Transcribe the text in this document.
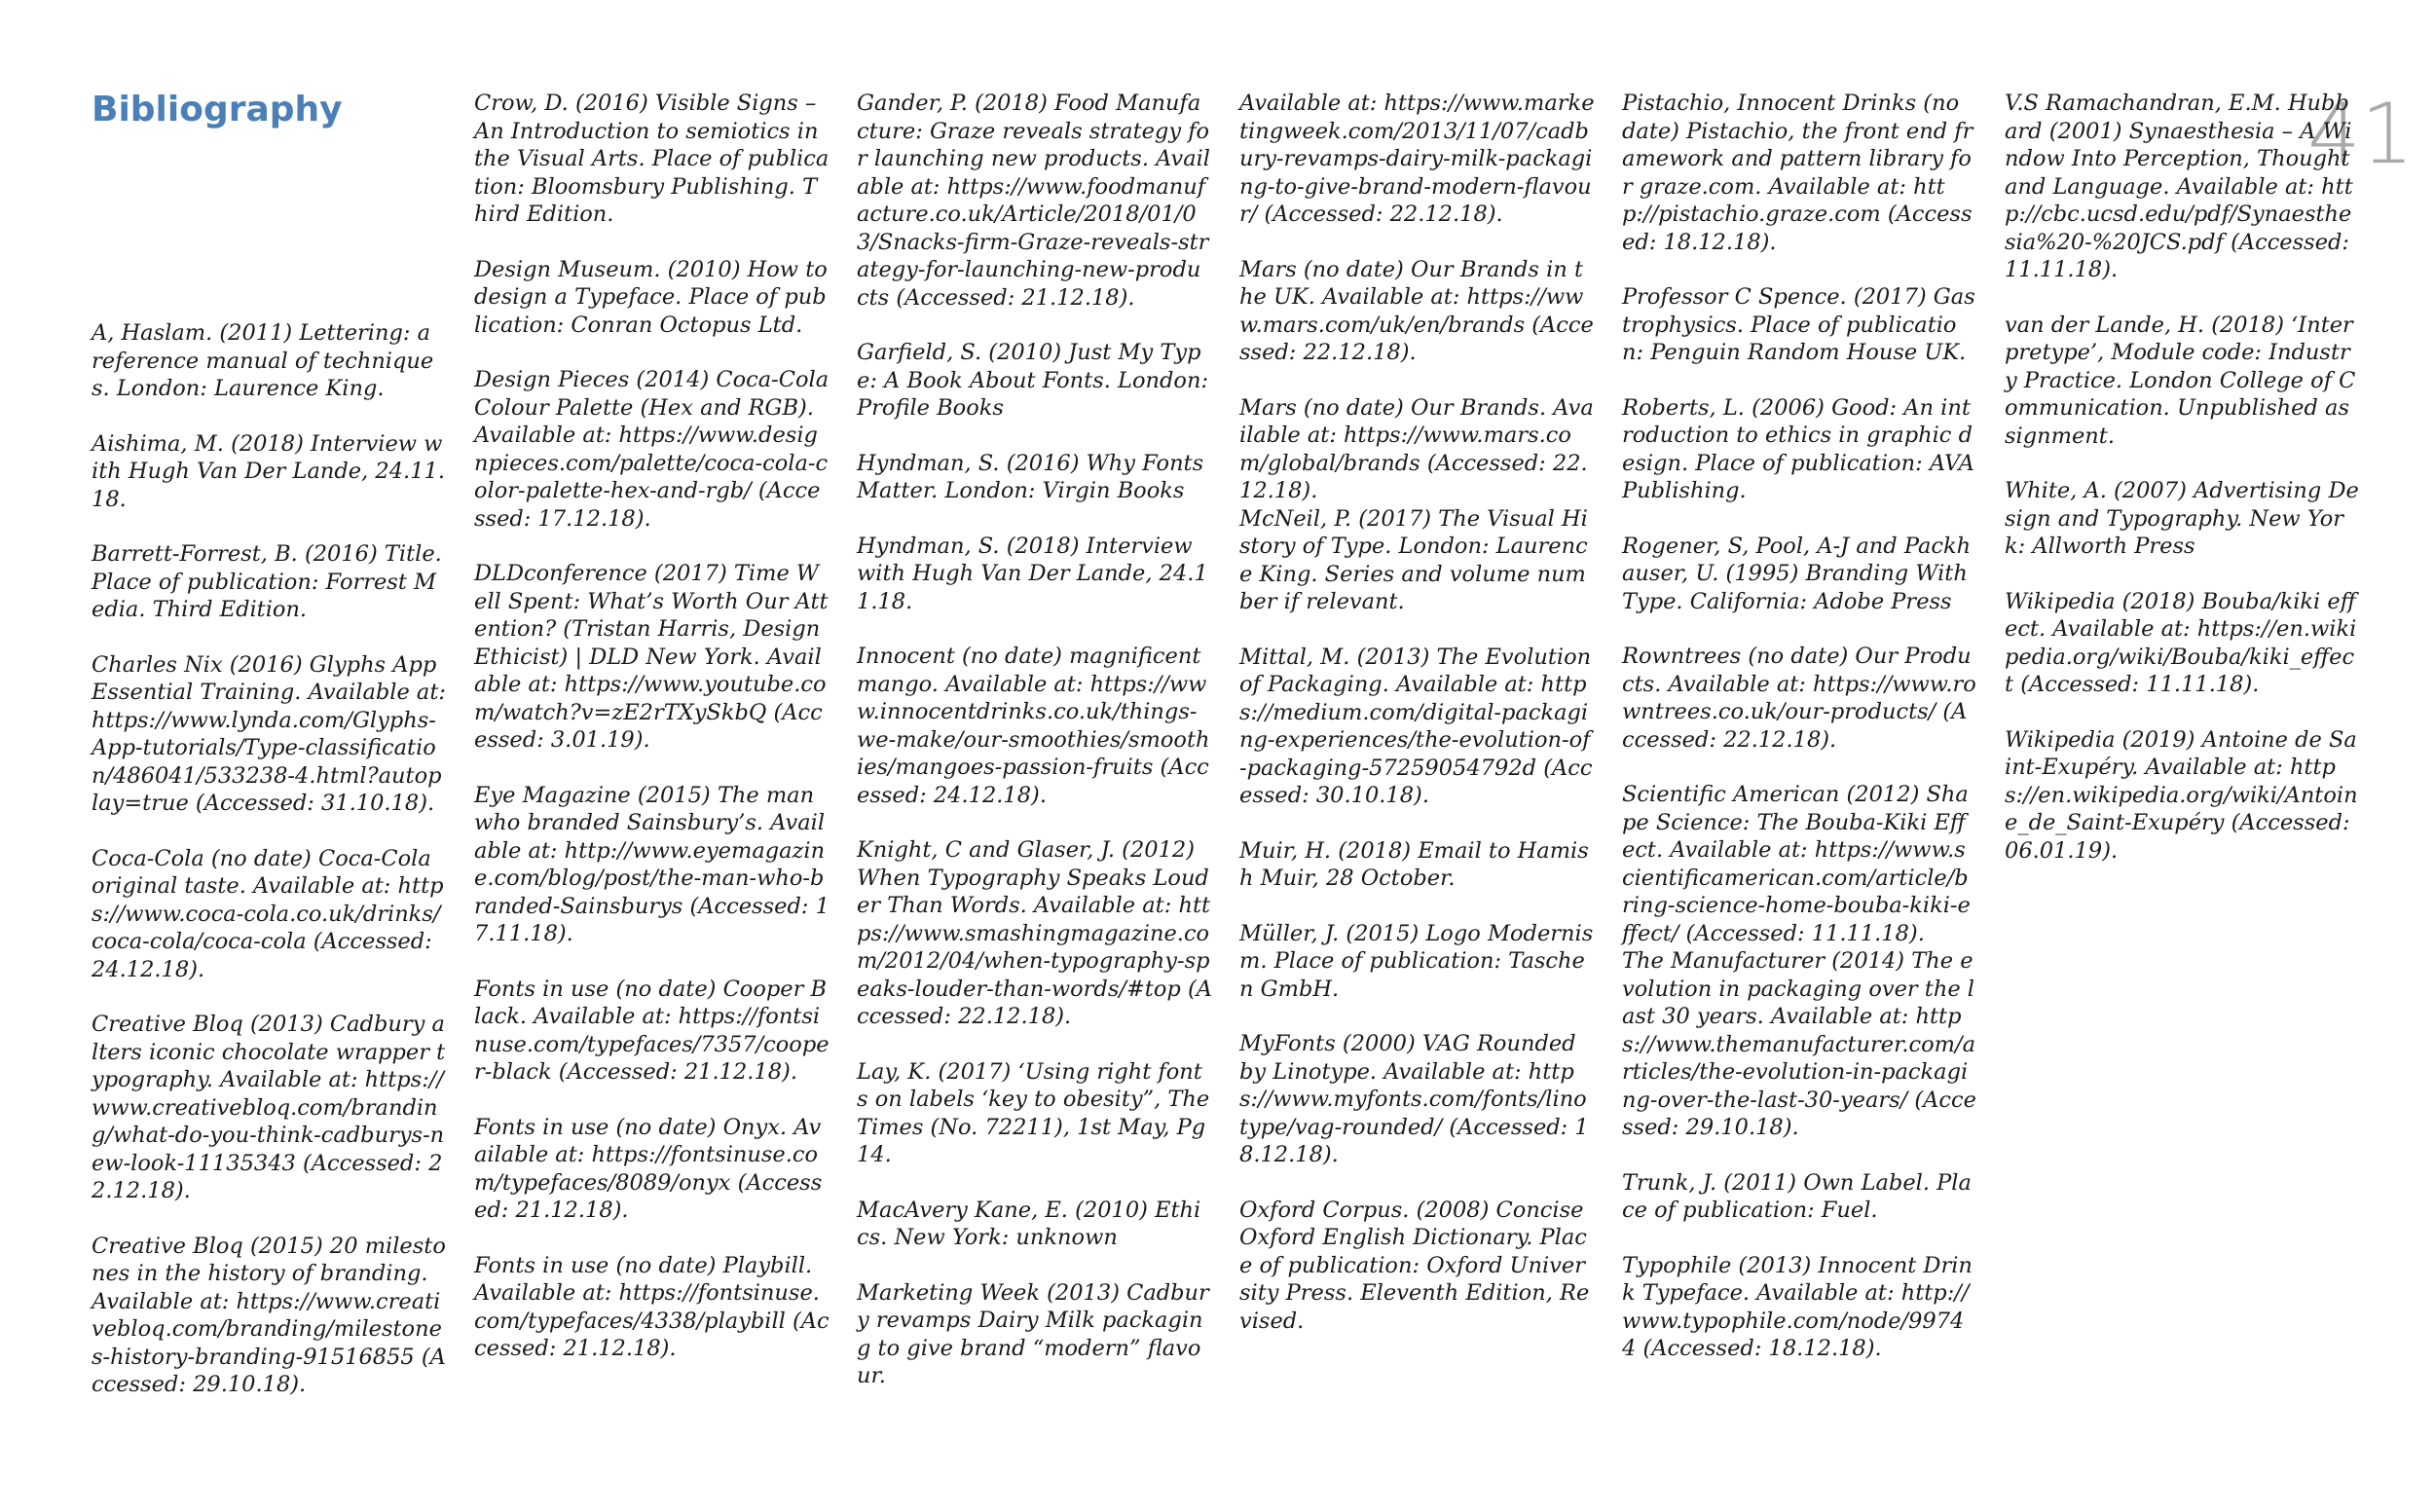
41
Bibliography

A, Haslam. (2011) Lettering: a reference manual of techniques. London: Laurence King.

Aishima, M. (2018) Interview with Hugh Van Der Lande, 24.11.18.

Barrett-Forrest, B. (2016) Title. Place of publication: Forrest Media. Third Edition.

Charles Nix (2016) Glyphs App Essential Training. Available at: https://www.lynda.com/Glyphs-App-tutorials/Type-classification/486041/533238-4.html?autoplay=true (Accessed: 31.10.18).

Coca-Cola (no date) Coca-Cola original taste. Available at: https://www.coca-cola.co.uk/drinks/coca-cola/coca-cola (Accessed: 24.12.18).

Creative Bloq (2013) Cadbury alters iconic chocolate wrapper typography. Available at: https://www.creativebloq.com/branding/what-do-you-think-cadburys-new-look-11135343 (Accessed: 22.12.18).

Creative Bloq (2015) 20 milestones in the history of branding. Available at: https://www.creativebloq.com/branding/milestones-history-branding-91516855 (Accessed: 29.10.18).

Crow, D. (2016) Visible Signs – An Introduction to semiotics in the Visual Arts. Place of publication: Bloomsbury Publishing. Third Edition.

Design Museum. (2010) How to design a Typeface. Place of publication: Conran Octopus Ltd.

Design Pieces (2014) Coca-Cola Colour Palette (Hex and RGB). Available at: https://www.designpieces.com/palette/coca-cola-color-palette-hex-and-rgb/ (Accessed: 17.12.18).

DLDconference (2017) Time Well Spent: What’s Worth Our Attention? (Tristan Harris, Design Ethicist) | DLD New York. Available at: https://www.youtube.com/watch?v=zE2rTXySkbQ (Accessed: 3.01.19).

Eye Magazine (2015) The man who branded Sainsbury’s. Available at: http://www.eyemagazine.com/blog/post/the-man-who-branded-Sainsburys (Accessed: 17.11.18).

Fonts in use (no date) Cooper Black. Available at: https://fontsinuse.com/typefaces/7357/cooper-black (Accessed: 21.12.18).

Fonts in use (no date) Onyx. Available at: https://fontsinuse.com/typefaces/8089/onyx (Accessed: 21.12.18).

Fonts in use (no date) Playbill. Available at: https://fontsinuse.com/typefaces/4338/playbill (Accessed: 21.12.18).

Gander, P. (2018) Food Manufacture: Graze reveals strategy for launching new products. Available at: https://www.foodmanufacture.co.uk/Article/2018/01/03/Snacks-firm-Graze-reveals-strategy-for-launching-new-products (Accessed: 21.12.18).

Garfield, S. (2010) Just My Type: A Book About Fonts. London: Profile Books

Hyndman, S. (2016) Why Fonts Matter. London: Virgin Books

Hyndman, S. (2018) Interview with Hugh Van Der Lande, 24.11.18.

Innocent (no date) magnificent mango. Available at: https://www.innocentdrinks.co.uk/things-we-make/our-smoothies/smoothies/mangoes-passion-fruits (Accessed: 24.12.18).

Knight, C and Glaser, J. (2012) When Typography Speaks Louder Than Words. Available at: https://www.smashingmagazine.com/2012/04/when-typography-speaks-louder-than-words/#top (Accessed: 22.12.18).

Lay, K. (2017) ‘Using right fonts on labels ‘key to obesity”, The Times (No. 72211), 1st May, Pg 14.

MacAvery Kane, E. (2010) Ethics. New York: unknown

Marketing Week (2013) Cadbury revamps Dairy Milk packaging to give brand “modern” flavour.

Available at: https://www.marketingweek.com/2013/11/07/cadbury-revamps-dairy-milk-packaging-to-give-brand-modern-flavour/ (Accessed: 22.12.18).

Mars (no date) Our Brands in the UK. Available at: https://www.mars.com/uk/en/brands (Accessed: 22.12.18).

Mars (no date) Our Brands. Available at: https://www.mars.com/global/brands (Accessed: 22.12.18).

McNeil, P. (2017) The Visual History of Type. London: Laurence King. Series and volume number if relevant.

Mittal, M. (2013) The Evolution of Packaging. Available at: https://medium.com/digital-packaging-experiences/the-evolution-of-packaging-57259054792d (Accessed: 30.10.18).

Muir, H. (2018) Email to Hamish Muir, 28 October.

Müller, J. (2015) Logo Modernism. Place of publication: Taschen GmbH.

MyFonts (2000) VAG Rounded by Linotype. Available at: https://www.myfonts.com/fonts/linotype/vag-rounded/ (Accessed: 18.12.18).

Oxford Corpus. (2008) Concise Oxford English Dictionary. Place of publication: Oxford University Press. Eleventh Edition, Revised.

Pistachio, Innocent Drinks (no date) Pistachio, the front end framework and pattern library for graze.com. Available at: http://pistachio.graze.com (Accessed: 18.12.18).

Professor C Spence. (2017) Gastrophysics. Place of publication: Penguin Random House UK.

Roberts, L. (2006) Good: An introduction to ethics in graphic design. Place of publication: AVA Publishing.

Rogener, S, Pool, A-J and Packhauser, U. (1995) Branding With Type. California: Adobe Press

Rowntrees (no date) Our Products. Available at: https://www.rowntrees.co.uk/our-products/ (Accessed: 22.12.18).

Scientific American (2012) Shape Science: The Bouba-Kiki Effect. Available at: https://www.scientificamerican.com/article/bring-science-home-bouba-kiki-effect/ (Accessed: 11.11.18).

The Manufacturer (2014) The evolution in packaging over the last 30 years. Available at: https://www.themanufacturer.com/articles/the-evolution-in-packaging-over-the-last-30-years/ (Accessed: 29.10.18).

Trunk, J. (2011) Own Label. Place of publication: Fuel.

Typophile (2013) Innocent Drink Typeface. Available at: http://www.typophile.com/node/99744 (Accessed: 18.12.18).

V.S Ramachandran, E.M. Hubbard (2001) Synaesthesia – A Window Into Perception, Thought and Language. Available at: http://cbc.ucsd.edu/pdf/Synaesthesia%20-%20JCS.pdf (Accessed: 11.11.18).

van der Lande, H. (2018) ‘Interpretype’, Module code: Industry Practice. London College of Communication. Unpublished assignment.

White, A. (2007) Advertising Design and Typography. New York: Allworth Press

Wikipedia (2018) Bouba/kiki effect. Available at: https://en.wikipedia.org/wiki/Bouba/kiki_effect (Accessed: 11.11.18).

Wikipedia (2019) Antoine de Saint-Exupéry. Available at: https://en.wikipedia.org/wiki/Antoine_de_Saint-Exupéry (Accessed: 06.01.19).
